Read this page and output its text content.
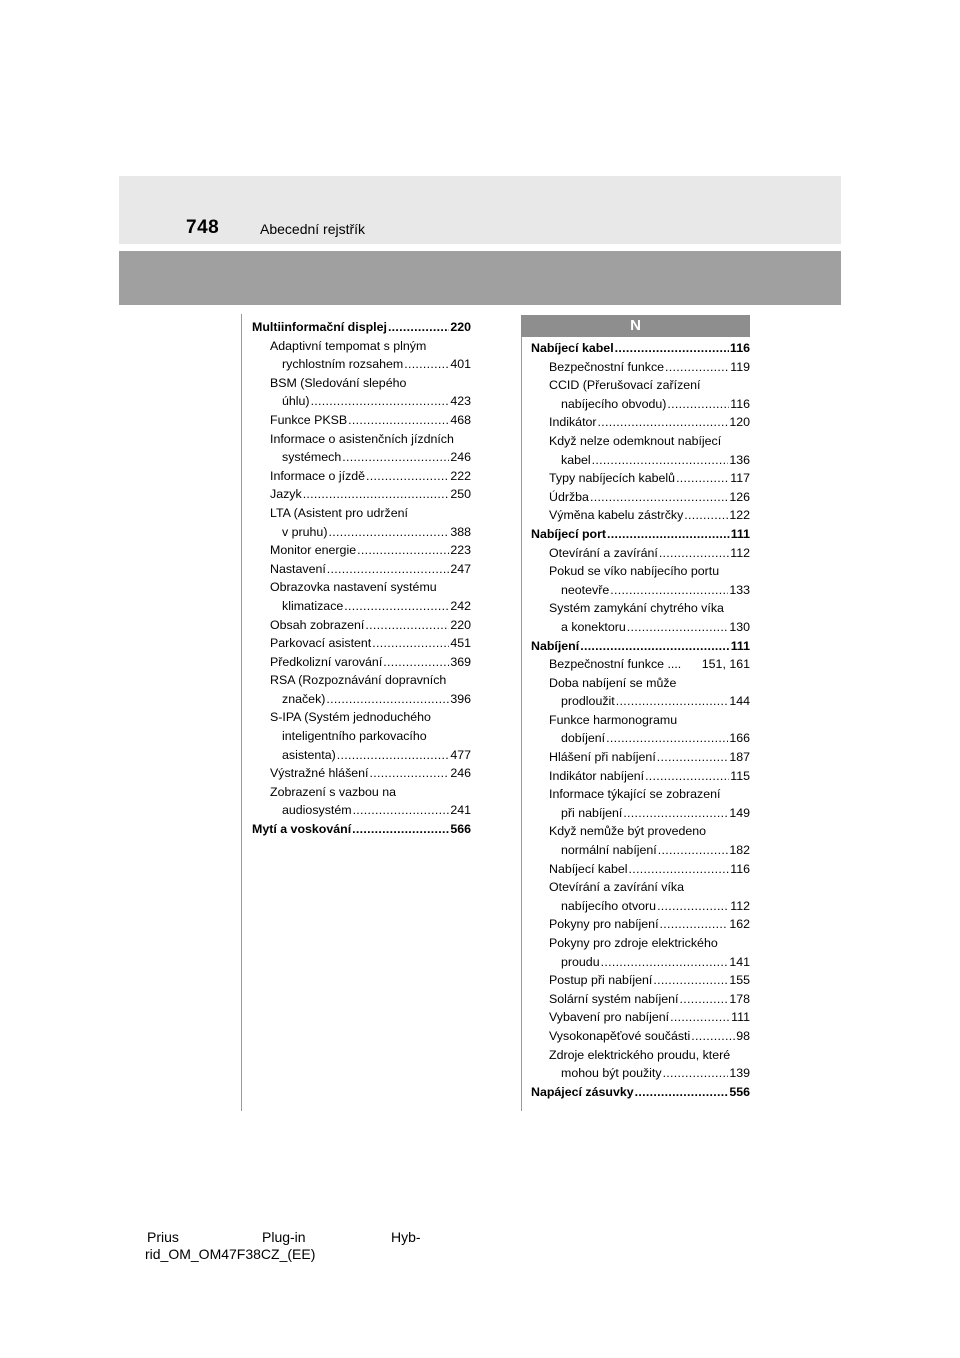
748	Abecední rejstřík
Multiinformační displej .....	220
Adaptivní tempomat s plným
rychlostním rozsahem .....	401
BSM (Sledování slepého
úhlu) .....	423
Funkce PKSB .....	468
Informace o asistenčních jízdních
systémech .....	246
Informace o jízdě .....	222
Jazyk .....	250
LTA (Asistent pro udržení
v pruhu) .....	388
Monitor energie .....	223
Nastavení .....	247
Obrazovka nastavení systému
klimatizace .....	242
Obsah zobrazení .....	220
Parkovací asistent .....	451
Předkolizní varování .....	369
RSA (Rozpoznávání dopravních
značek) .....	396
S-IPA (Systém jednoduchého
inteligentního parkovacího
asistenta) .....	477
Výstražné hlášení .....	246
Zobrazení s vazbou na
audiosystém .....	241
Mytí a voskování .....	566
N
Nabíjecí kabel .....	116
Bezpečnostní funkce .....	119
CCID (Přerušovací zařízení
nabíjecího obvodu) .....	116
Indikátor .....	120
Když nelze odemknout nabíjecí
kabel .....	136
Typy nabíjecích kabelů .....	117
Údržba .....	126
Výměna kabelu zástrčky .....	122
Nabíjecí port .....	111
Otevírání a zavírání .....	112
Pokud se víko nabíjecího portu
neotevře .....	133
Systém zamykání chytrého víka
a konektoru .....	130
Nabíjení .....	111
Bezpečnostní funkce .... 151, 161
Doba nabíjení se může
prodloužit .....	144
Funkce harmonogramu
dobíjení .....	166
Hlášení při nabíjení .....	187
Indikátor nabíjení .....	115
Informace týkající se zobrazení
při nabíjení .....	149
Když nemůže být provedeno
normální nabíjení .....	182
Nabíjecí kabel .....	116
Otevírání a zavírání víka
nabíjecího otvoru .....	112
Pokyny pro nabíjení .....	162
Pokyny pro zdroje elektrického
proudu .....	141
Postup při nabíjení .....	155
Solární systém nabíjení .....	178
Vybavení pro nabíjení .....	111
Vysokonapěťové součásti .....	98
Zdroje elektrického proudu, které
mohou být použity .....	139
Napájecí zásuvky .....	556
Prius	Plug-in	Hyb-
rid_OM_OM47F38CZ_(EE)
